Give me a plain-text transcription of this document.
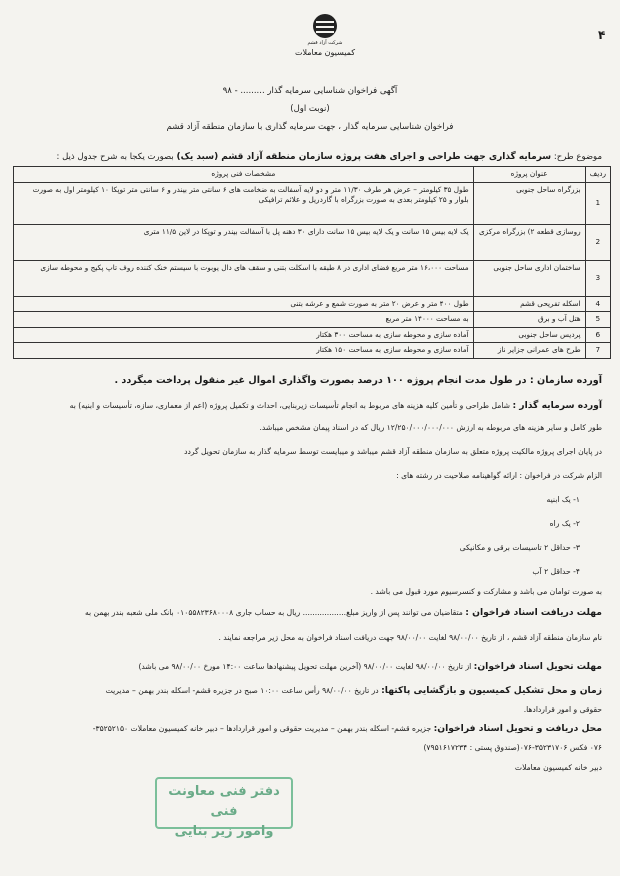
۴
شرکت آزاد قشم
کمیسیون معاملات
آگهی فراخوان شناسایی سرمایه گذار ......... - ۹۸
(نوبت اول)
فراخوان شناسایی سرمایه گذار ، جهت سرمایه گذاری با سازمان منطقه آزاد قشم
موضوع طرح: سرمایه گذاری جهت طراحی و اجرای هفت پروژه سازمان منطقه آزاد قشم (سبد یک) بصورت یکجا به شرح جدول ذیل :
ردیف	عنوان پروژه	مشخصات فنی پروژه
1	بزرگراه ساحل جنوبی	طول ۳۵ کیلومتر – عرض هر طرف ۱۱/۳۰ متر و دو لایه آسفالت به ضخامت های ۶ سانتی متر بیندر و ۶ سانتی متر توپکا ۱۰ کیلومتر اول به صورت بلوار و ۲۵ کیلومتر بعدی به صورت بزرگراه با گاردریل و علائم ترافیکی
2	روسازی قطعه ۲) بزرگراه مرکزی	یک لایه بیس ۱۵ سانت و یک لایه بیس ۱۵ سانت دارای ۳۰ دهنه پل با آسفالت بیندر و توپکا در لاین ۱۱/۵ متری
3	ساختمان اداری ساحل جنوبی	مساحت ۱۶،۰۰۰ متر مربع فضای اداری در ۸ طبقه با اسکلت بتنی و سقف های دال یوبوت با سیستم خنک کننده روف تاپ پکیج و محوطه سازی
4	اسکله تفریحی قشم	طول ۴۰۰ متر و عرض ۲۰ متر به صورت شمع و عرشه بتنی
5	هتل آب و برق	به مساحت ۱۴۰۰۰ متر مربع
6	پردیس ساحل جنوبی	آماده سازی و محوطه سازی به مساحت ۳۰۰ هکتار
7	طرح های عمرانی جزایر ناز	آماده سازی و محوطه سازی به مساحت ۱۵۰ هکتار
آورده سازمان : در طول مدت انجام پروژه ۱۰۰ درصد بصورت واگذاری اموال غیر منقول پرداخت میگردد .
آورده سرمایه گذار : شامل طراحی و تأمین کلیه هزینه های مربوط به انجام تأسیسات زیربنایی، احداث و تکمیل پروژه (اعم از معماری، سازه، تأسیسات و ابنیه) به
طور کامل و سایر هزینه های مربوطه به ارزش ۱۲/۲۵۰/۰۰۰/۰۰۰/۰۰۰ ریال که در اسناد پیمان مشخص میباشد.
در پایان اجرای پروژه مالکیت پروژه متعلق به سازمان منطقه آزاد قشم میباشد و میبایست توسط سرمایه گذار به سازمان تحویل گردد
الزام شرکت در فراخوان : ارائه گواهینامه صلاحیت در رشته های :
۱- یک ابنیه
۲- یک راه
۳- حداقل ۲ تاسیسات برقی و مکانیکی
۴- حداقل ۲ آب
به صورت توامان می باشد و مشارکت و کنسرسیوم مورد قبول می باشد .
مهلت دریافت اسناد فراخوان : متقاضیان می توانند پس از واریز مبلغ.................. ریال به حساب جاری ۰۱۰۵۵۸۲۳۶۸۰۰۰۸ بانک ملی شعبه بندر بهمن به
نام سازمان منطقه آزاد قشم ، از تاریخ ۹۸/۰۰/۰۰ لغایت ۹۸/۰۰/۰۰ جهت دریافت اسناد فراخوان به محل زیر مراجعه نمایند .
مهلت تحویل اسناد فراخوان: از تاریخ ۹۸/۰۰/۰۰ لغایت ۹۸/۰۰/۰۰ (آخرین مهلت تحویل پیشنهادها ساعت ۱۴:۰۰ مورخ ۹۸/۰۰/۰۰ می باشد)
زمان و محل تشکیل کمیسیون و بازگشایی پاکتها: در تاریخ ۹۸/۰۰/۰۰ رأس ساعت ۱۰:۰۰ صبح در جزیره قشم- اسکله بندر بهمن – مدیریت
حقوقی و امور قراردادها.
محل دریافت و تحویل اسناد فراخوان: جزیره قشم- اسکله بندر بهمن – مدیریت حقوقی و امور قراردادها – دبیر خانه کمیسیون معاملات ۳۵۲۵۲۱۵۰-
۰۷۶ فکس ۳۵۲۳۱۷۰۶-۰۷۶(صندوق پستی : ۷۹۵۱۶۱۷۲۳۴)
دبیر خانه کمیسیون معاملات
دفتر فنی معاونت فنی
وامور زیر بنایی
